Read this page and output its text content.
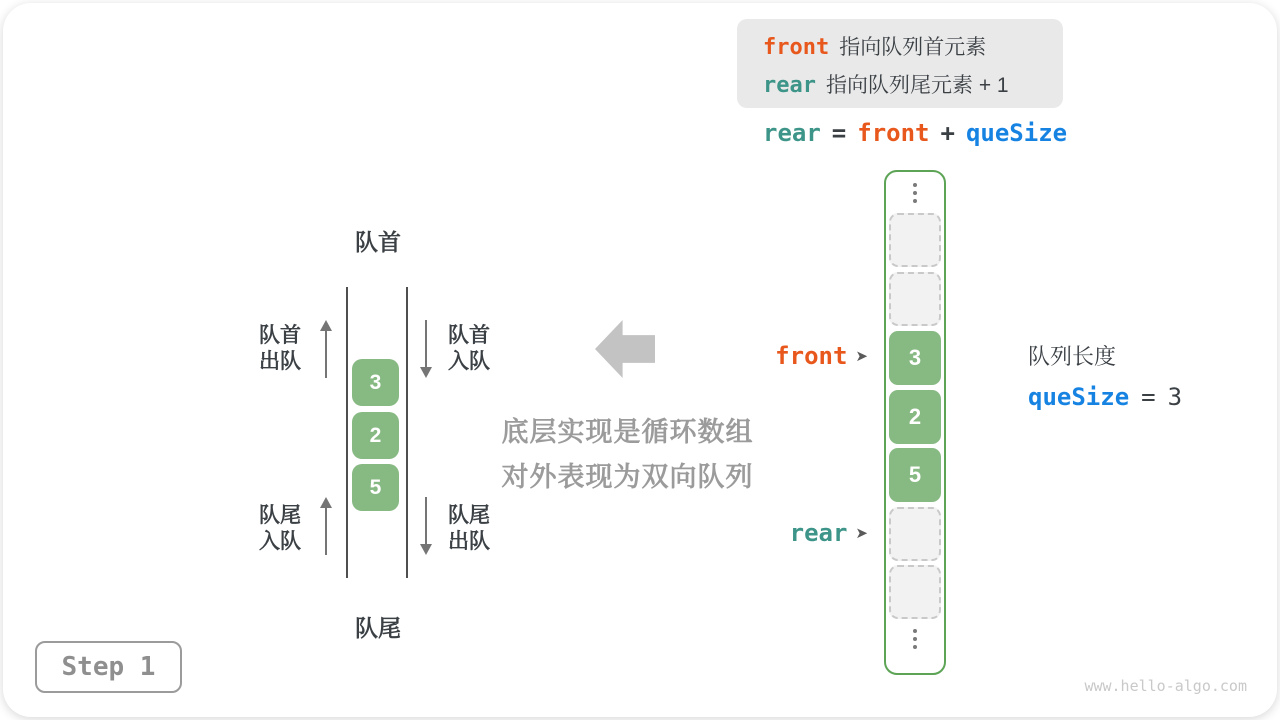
front 指向队列首元素
rear 指向队列尾元素 + 1
rear = front + queSize
队首
队尾
3
2
5
队首
出队
队首
入队
队尾
入队
队尾
出队
底层实现是循环数组
对外表现为双向队列
3
2
5
front ➤
rear ➤
队列长度
queSize = 3
Step 1
www.hello-algo.com
